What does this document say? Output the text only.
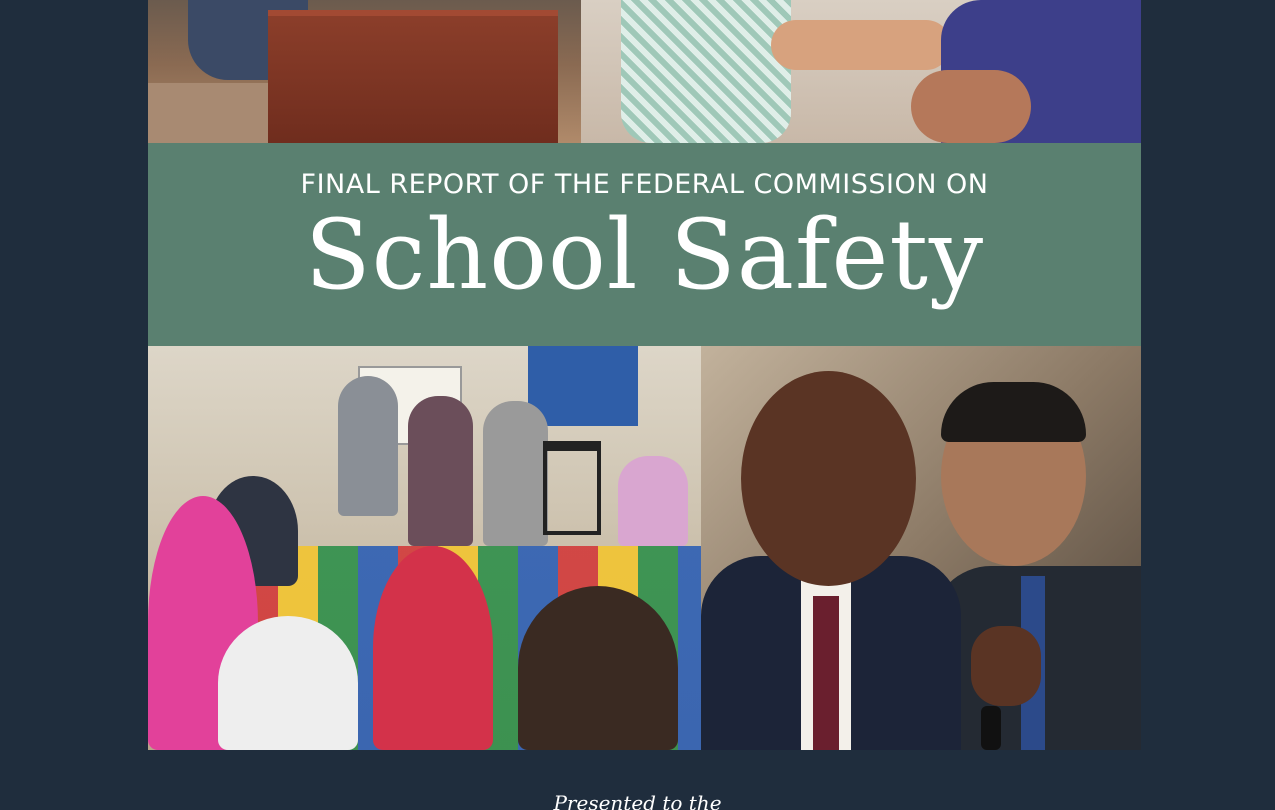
FINAL REPORT OF THE FEDERAL COMMISSION ON
School Safety
Presented to the
